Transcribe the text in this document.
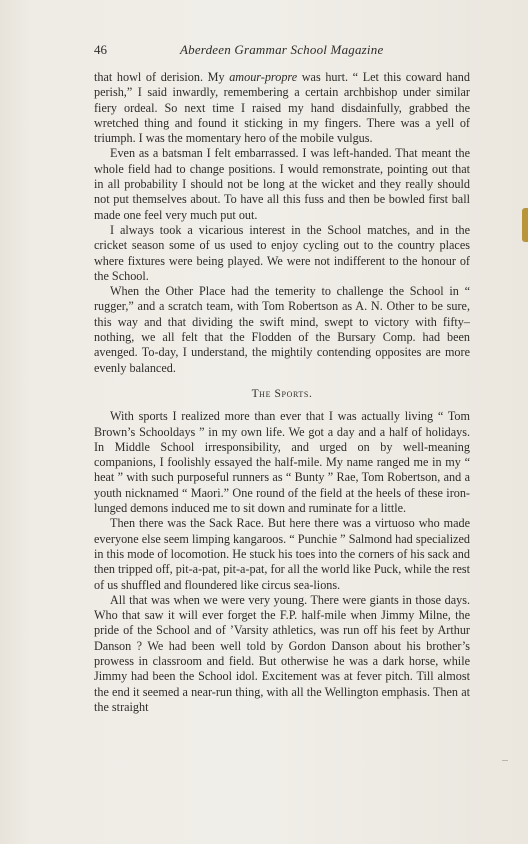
46	Aberdeen Grammar School Magazine

that howl of derision. My amour-propre was hurt. “ Let this coward hand perish,” I said inwardly, remembering a certain archbishop under similar fiery ordeal. So next time I raised my hand disdainfully, grabbed the wretched thing and found it sticking in my fingers. There was a yell of triumph. I was the momentary hero of the mobile vulgus.

Even as a batsman I felt embarrassed. I was left-handed. That meant the whole field had to change positions. I would remonstrate, pointing out that in all probability I should not be long at the wicket and they really should not put themselves about. To have all this fuss and then be bowled first ball made one feel very much put out.

I always took a vicarious interest in the School matches, and in the cricket season some of us used to enjoy cycling out to the country places where fixtures were being played. We were not indifferent to the honour of the School.

When the Other Place had the temerity to challenge the School in “ rugger,” and a scratch team, with Tom Robertson as A. N. Other to be sure, this way and that dividing the swift mind, swept to victory with fifty–nothing, we all felt that the Flodden of the Bursary Comp. had been avenged. To-day, I understand, the mightily contending opposites are more evenly balanced.

The Sports.

With sports I realized more than ever that I was actually living “ Tom Brown’s Schooldays ” in my own life. We got a day and a half of holidays. In Middle School irresponsibility, and urged on by well-meaning companions, I foolishly essayed the half-mile. My name ranged me in my “ heat ” with such purposeful runners as “ Bunty ” Rae, Tom Robertson, and a youth nicknamed “ Maori.” One round of the field at the heels of these iron-lunged demons induced me to sit down and ruminate for a little.

Then there was the Sack Race. But here there was a virtuoso who made everyone else seem limping kangaroos. “ Punchie ” Salmond had specialized in this mode of locomotion. He stuck his toes into the corners of his sack and then tripped off, pit-a-pat, pit-a-pat, for all the world like Puck, while the rest of us shuffled and floundered like circus sea-lions.

All that was when we were very young. There were giants in those days. Who that saw it will ever forget the F.P. half-mile when Jimmy Milne, the pride of the School and of ’Varsity athletics, was run off his feet by Arthur Danson ? We had been well told by Gordon Danson about his brother’s prowess in classroom and field. But otherwise he was a dark horse, while Jimmy had been the School idol. Excitement was at fever pitch. Till almost the end it seemed a near-run thing, with all the Wellington emphasis. Then at the straight
